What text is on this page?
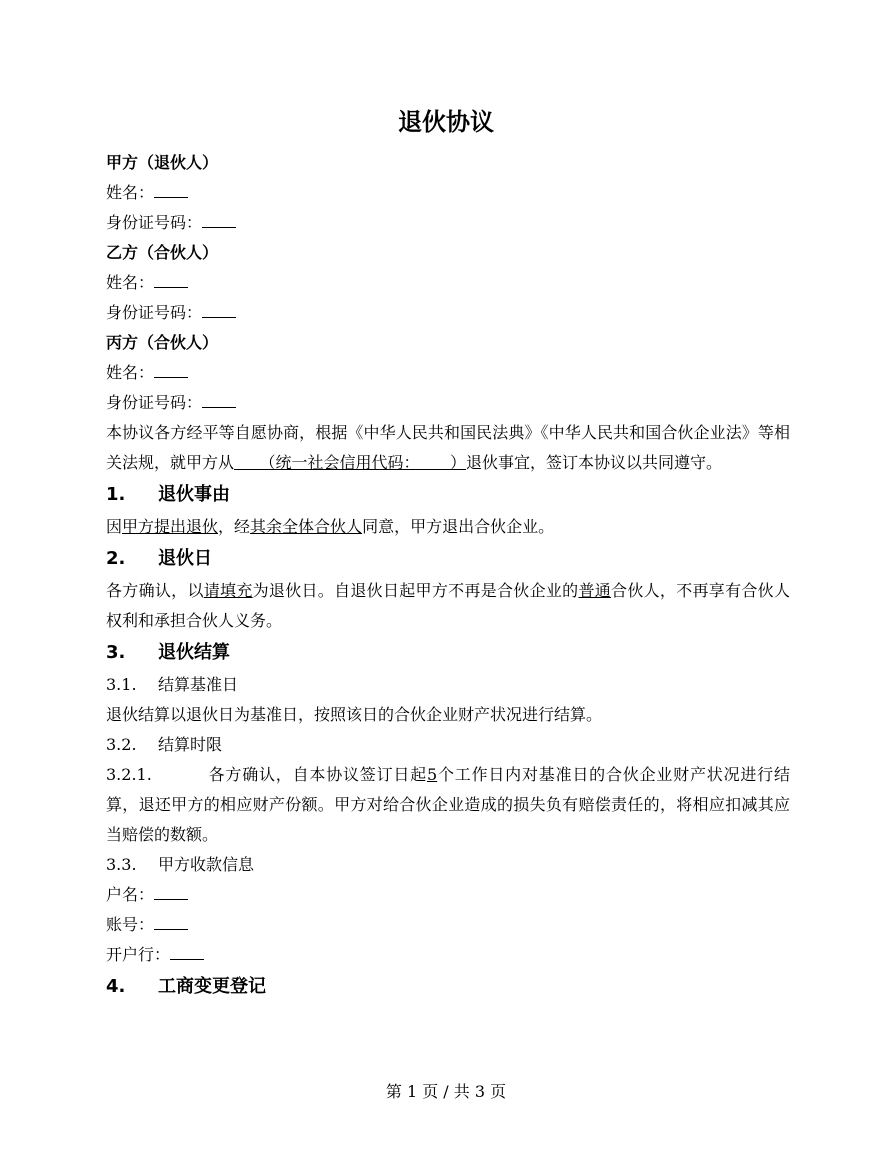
退伙协议
甲方（退伙人）
姓名：
身份证号码：
乙方（合伙人）
姓名：
身份证号码：
丙方（合伙人）
姓名：
身份证号码：
本协议各方经平等自愿协商，根据《中华人民共和国民法典》《中华人民共和国合伙企业法》等相关法规，就甲方从 （统一社会信用代码： ）退伙事宜，签订本协议以共同遵守。
1. 退伙事由
因甲方提出退伙，经其余全体合伙人同意，甲方退出合伙企业。
2. 退伙日
各方确认，以请填充为退伙日。自退伙日起甲方不再是合伙企业的普通合伙人，不再享有合伙人权利和承担合伙人义务。
3. 退伙结算
3.1. 结算基准日
退伙结算以退伙日为基准日，按照该日的合伙企业财产状况进行结算。
3.2. 结算时限
3.2.1.	各方确认，自本协议签订日起5个工作日内对基准日的合伙企业财产状况进行结算，退还甲方的相应财产份额。甲方对给合伙企业造成的损失负有赔偿责任的，将相应扣减其应当赔偿的数额。
3.3. 甲方收款信息
户名：
账号：
开户行：
4. 工商变更登记
第 1 页 / 共 3 页
